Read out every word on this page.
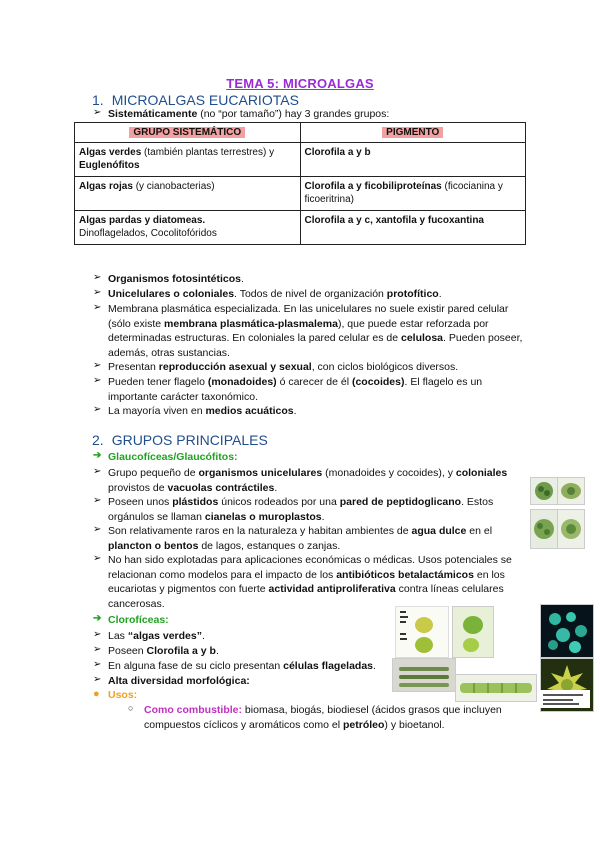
TEMA 5: MICROALGAS
1. MICROALGAS EUCARIOTAS
➢ Sistemáticamente (no “por tamaño”) hay 3 grandes grupos:
GRUPO SISTEMÁTICO	PIGMENTO
Algas verdes (también plantas terrestres) y Euglenófitos	Clorofila a y b
Algas rojas (y cianobacterias)	Clorofila a y ficobiliproteínas (ficocianina y ficoeritrina)
Algas pardas y diatomeas.
Dinoflagelados, Cocolitofóridos	Clorofila a y c, xantofila y fucoxantina
➢ Organismos fotosintéticos.
➢ Unicelulares o coloniales. Todos de nivel de organización protofítico.
➢ Membrana plasmática especializada. En las unicelulares no suele existir pared celular (sólo existe membrana plasmática-plasmalema), que puede estar reforzada por determinadas estructuras. En coloniales la pared celular es de celulosa. Pueden poseer, además, otras sustancias.
➢ Presentan reproducción asexual y sexual, con ciclos biológicos diversos.
➢ Pueden tener flagelo (monadoides) ó carecer de él (cocoides). El flagelo es un importante carácter taxonómico.
➢ La mayoría viven en medios acuáticos.
2. GRUPOS PRINCIPALES
➔ Glaucofíceas/Glaucófitos:
➢ Grupo pequeño de organismos unicelulares (monadoides y cocoides), y coloniales provistos de vacuolas contráctiles.
➢ Poseen unos plástidos únicos rodeados por una pared de peptidoglicano. Estos orgánulos se llaman cianelas o muroplastos.
➢ Son relativamente raros en la naturaleza y habitan ambientes de agua dulce en el plancton o bentos de lagos, estanques o zanjas.
➢ No han sido explotadas para aplicaciones económicas o médicas. Usos potenciales se relacionan como modelos para el impacto de los antibióticos betalactámicos en los eucariotas y pigmentos con fuerte actividad antiproliferativa contra líneas celulares cancerosas.
➔ Clorofíceas:
➢ Las “algas verdes”.
➢ Poseen Clorofila a y b.
➢ En alguna fase de su ciclo presentan células flageladas.
➢ Alta diversidad morfológica:
● Usos:
○ Como combustible: biomasa, biogás, biodiesel (ácidos grasos que incluyen compuestos cíclicos y aromáticos como el petróleo) y bioetanol.
